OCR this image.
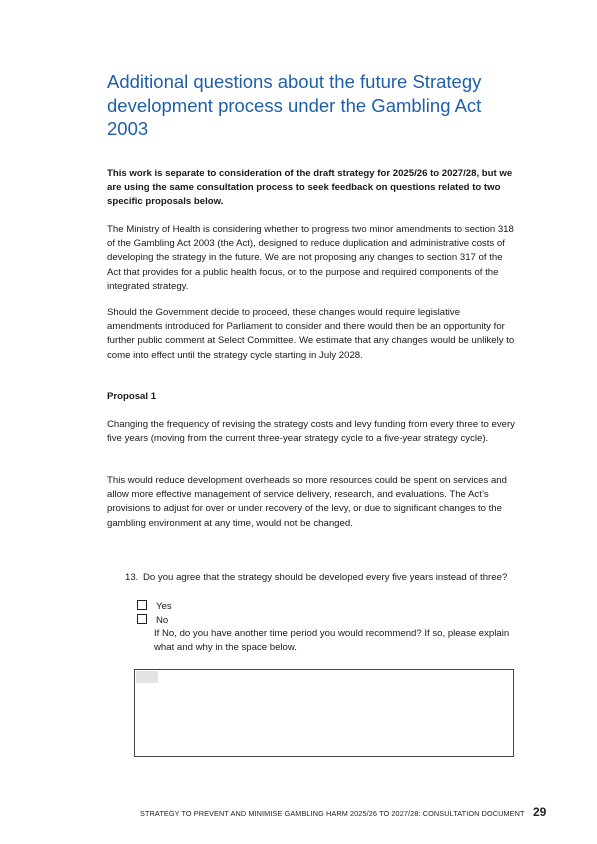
Additional questions about the future Strategy development process under the Gambling Act 2003

This work is separate to consideration of the draft strategy for 2025/26 to 2027/28, but we are using the same consultation process to seek feedback on questions related to two specific proposals below.

The Ministry of Health is considering whether to progress two minor amendments to section 318 of the Gambling Act 2003 (the Act), designed to reduce duplication and administrative costs of developing the strategy in the future. We are not proposing any changes to section 317 of the Act that provides for a public health focus, or to the purpose and required components of the integrated strategy.

Should the Government decide to proceed, these changes would require legislative amendments introduced for Parliament to consider and there would then be an opportunity for further public comment at Select Committee. We estimate that any changes would be unlikely to come into effect until the strategy cycle starting in July 2028.

Proposal 1

Changing the frequency of revising the strategy costs and levy funding from every three to every five years (moving from the current three-year strategy cycle to a five-year strategy cycle).

This would reduce development overheads so more resources could be spent on services and allow more effective management of service delivery, research, and evaluations. The Act’s provisions to adjust for over or under recovery of the levy, or due to significant changes to the gambling environment at any time, would not be changed.

13. Do you agree that the strategy should be developed every five years instead of three?
Yes
No
If No, do you have another time period you would recommend? If so, please explain what and why in the space below.
STRATEGY TO PREVENT AND MINIMISE GAMBLING HARM 2025/26 TO 2027/28: CONSULTATION DOCUMENT 29
